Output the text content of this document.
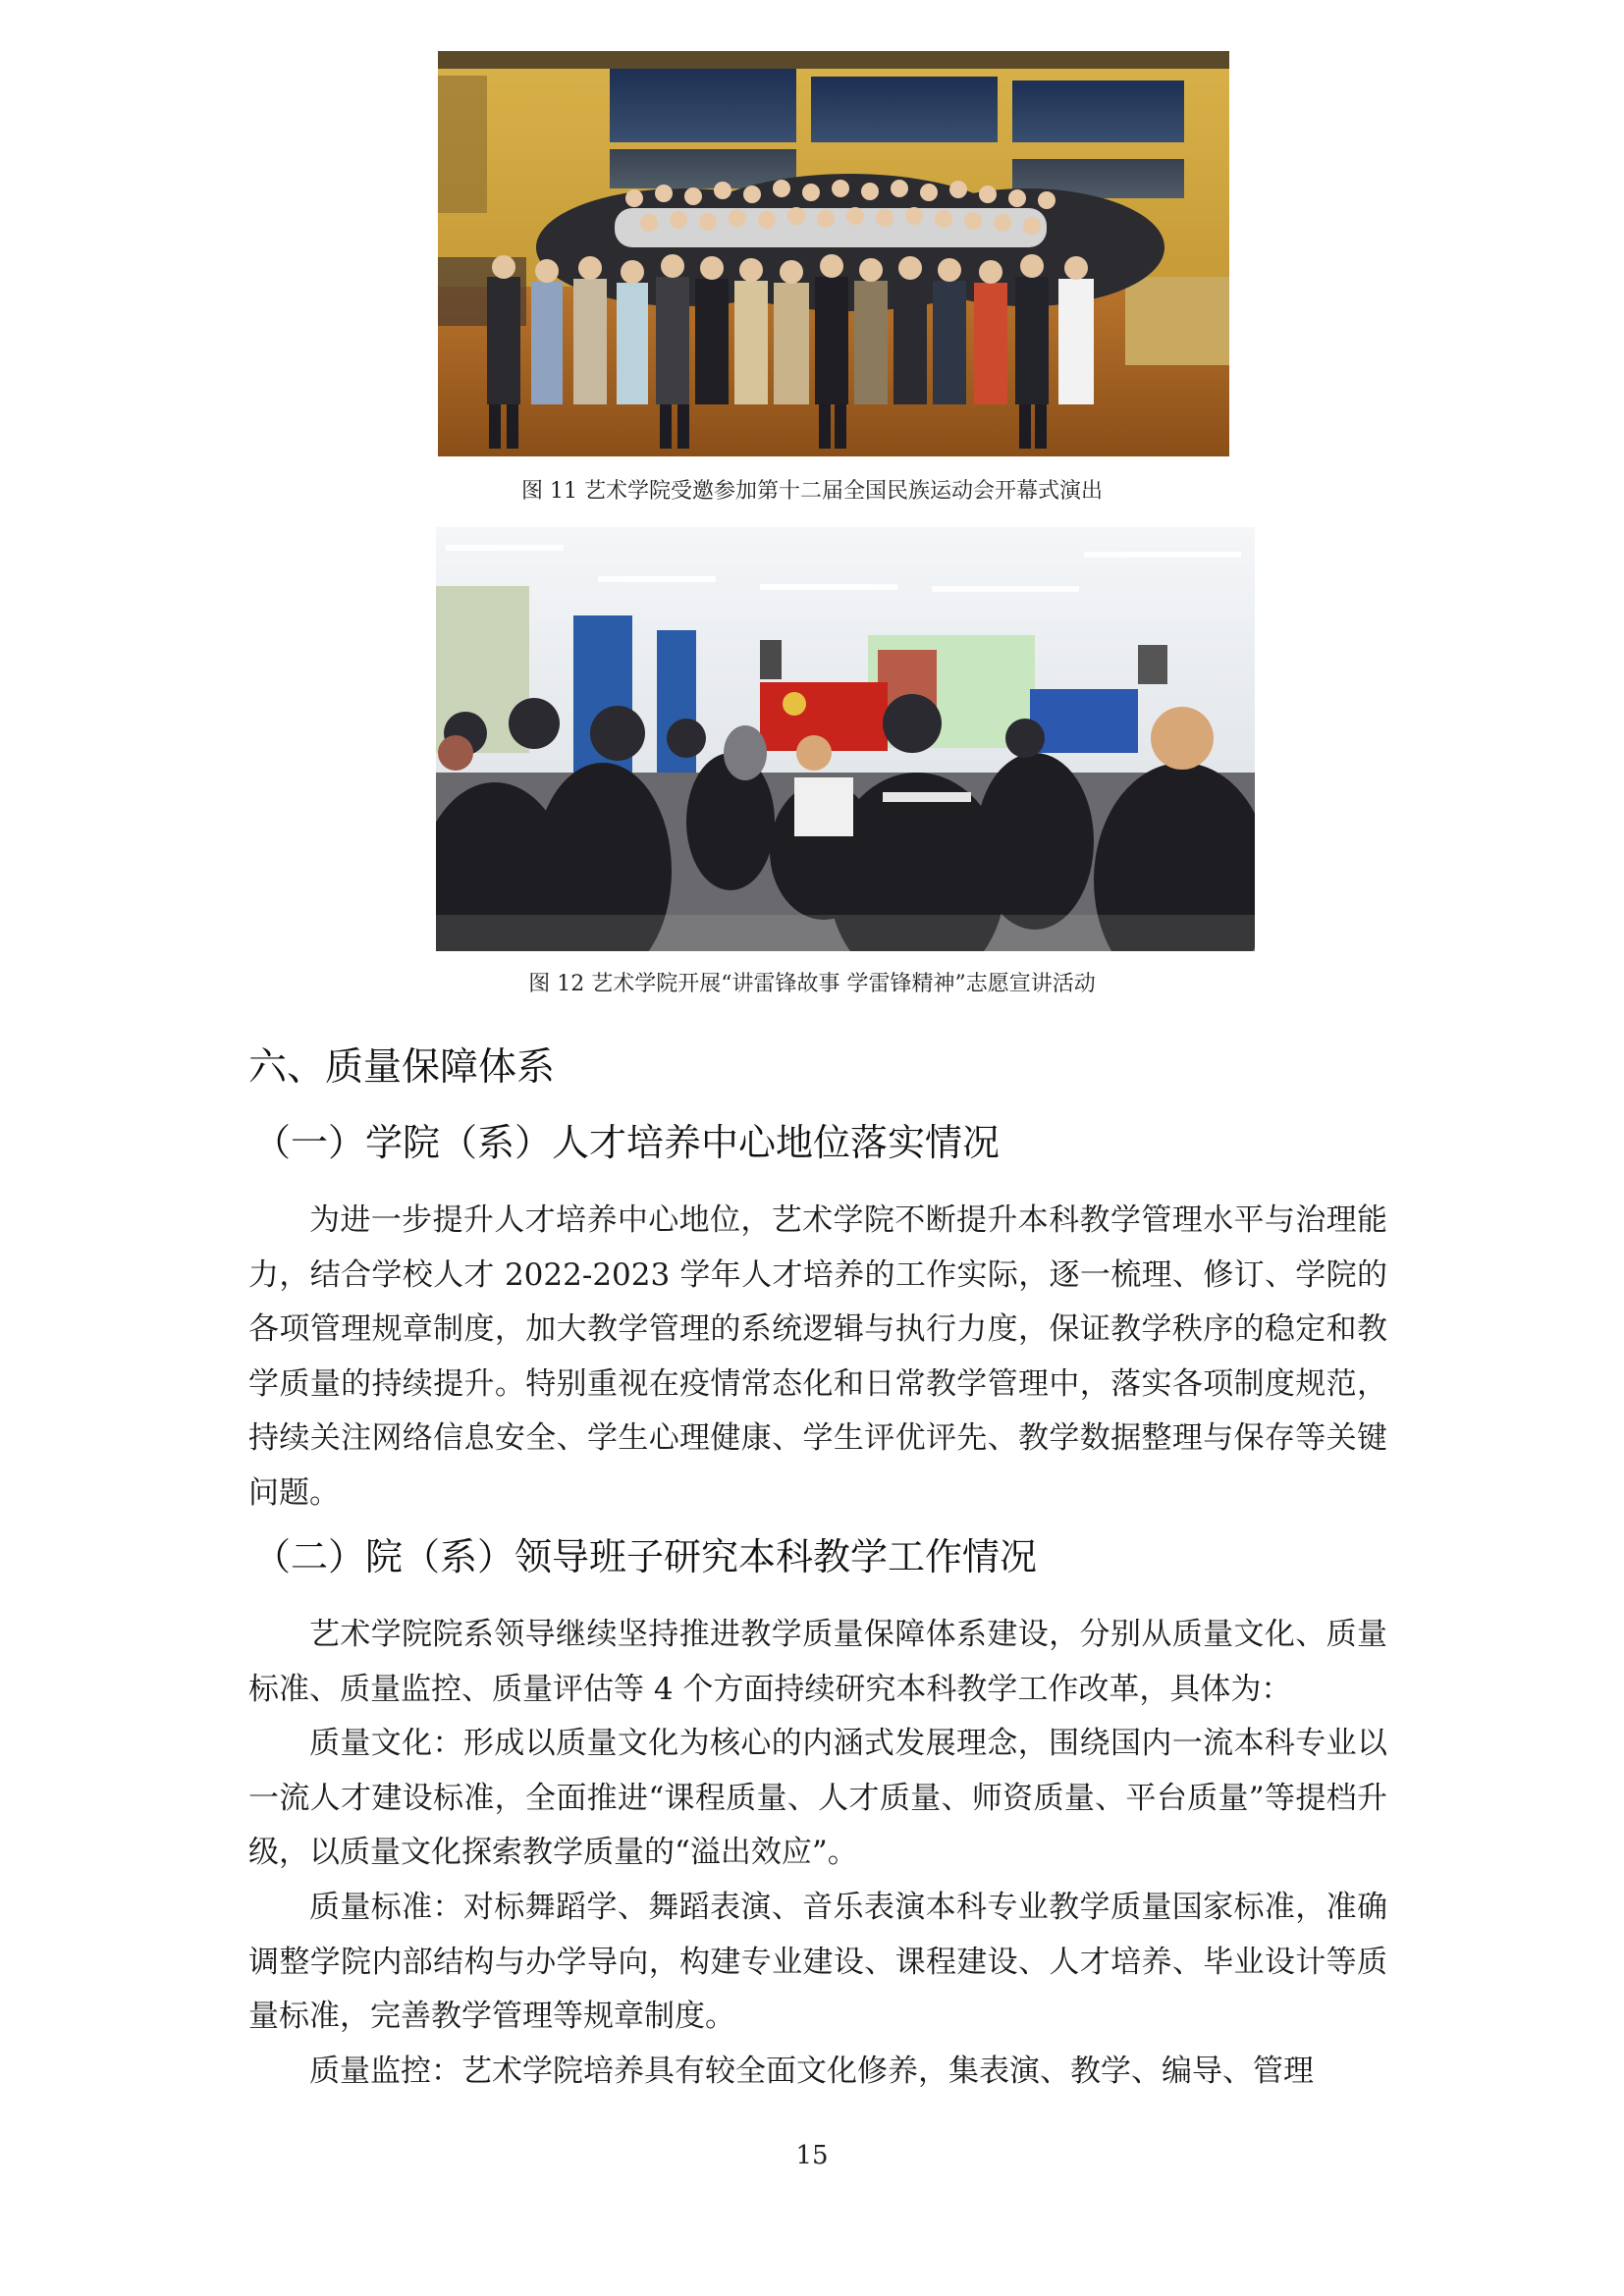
图 11 艺术学院受邀参加第十二届全国民族运动会开幕式演出
图 12 艺术学院开展“讲雷锋故事 学雷锋精神”志愿宣讲活动
六、质量保障体系
（一）学院（系）人才培养中心地位落实情况

为进一步提升人才培养中心地位，艺术学院不断提升本科教学管理水平与治理能力，结合学校人才 2022-2023 学年人才培养的工作实际，逐一梳理、修订、学院的各项管理规章制度，加大教学管理的系统逻辑与执行力度，保证教学秩序的稳定和教学质量的持续提升。特别重视在疫情常态化和日常教学管理中，落实各项制度规范，持续关注网络信息安全、学生心理健康、学生评优评先、教学数据整理与保存等关键问题。

（二）院（系）领导班子研究本科教学工作情况

艺术学院院系领导继续坚持推进教学质量保障体系建设，分别从质量文化、质量标准、质量监控、质量评估等 4 个方面持续研究本科教学工作改革，具体为：

质量文化：形成以质量文化为核心的内涵式发展理念，围绕国内一流本科专业以一流人才建设标准，全面推进“课程质量、人才质量、师资质量、平台质量”等提档升级，以质量文化探索教学质量的“溢出效应”。

质量标准：对标舞蹈学、舞蹈表演、音乐表演本科专业教学质量国家标准，准确调整学院内部结构与办学导向，构建专业建设、课程建设、人才培养、毕业设计等质量标准，完善教学管理等规章制度。

质量监控：艺术学院培养具有较全面文化修养，集表演、教学、编导、管理

15
